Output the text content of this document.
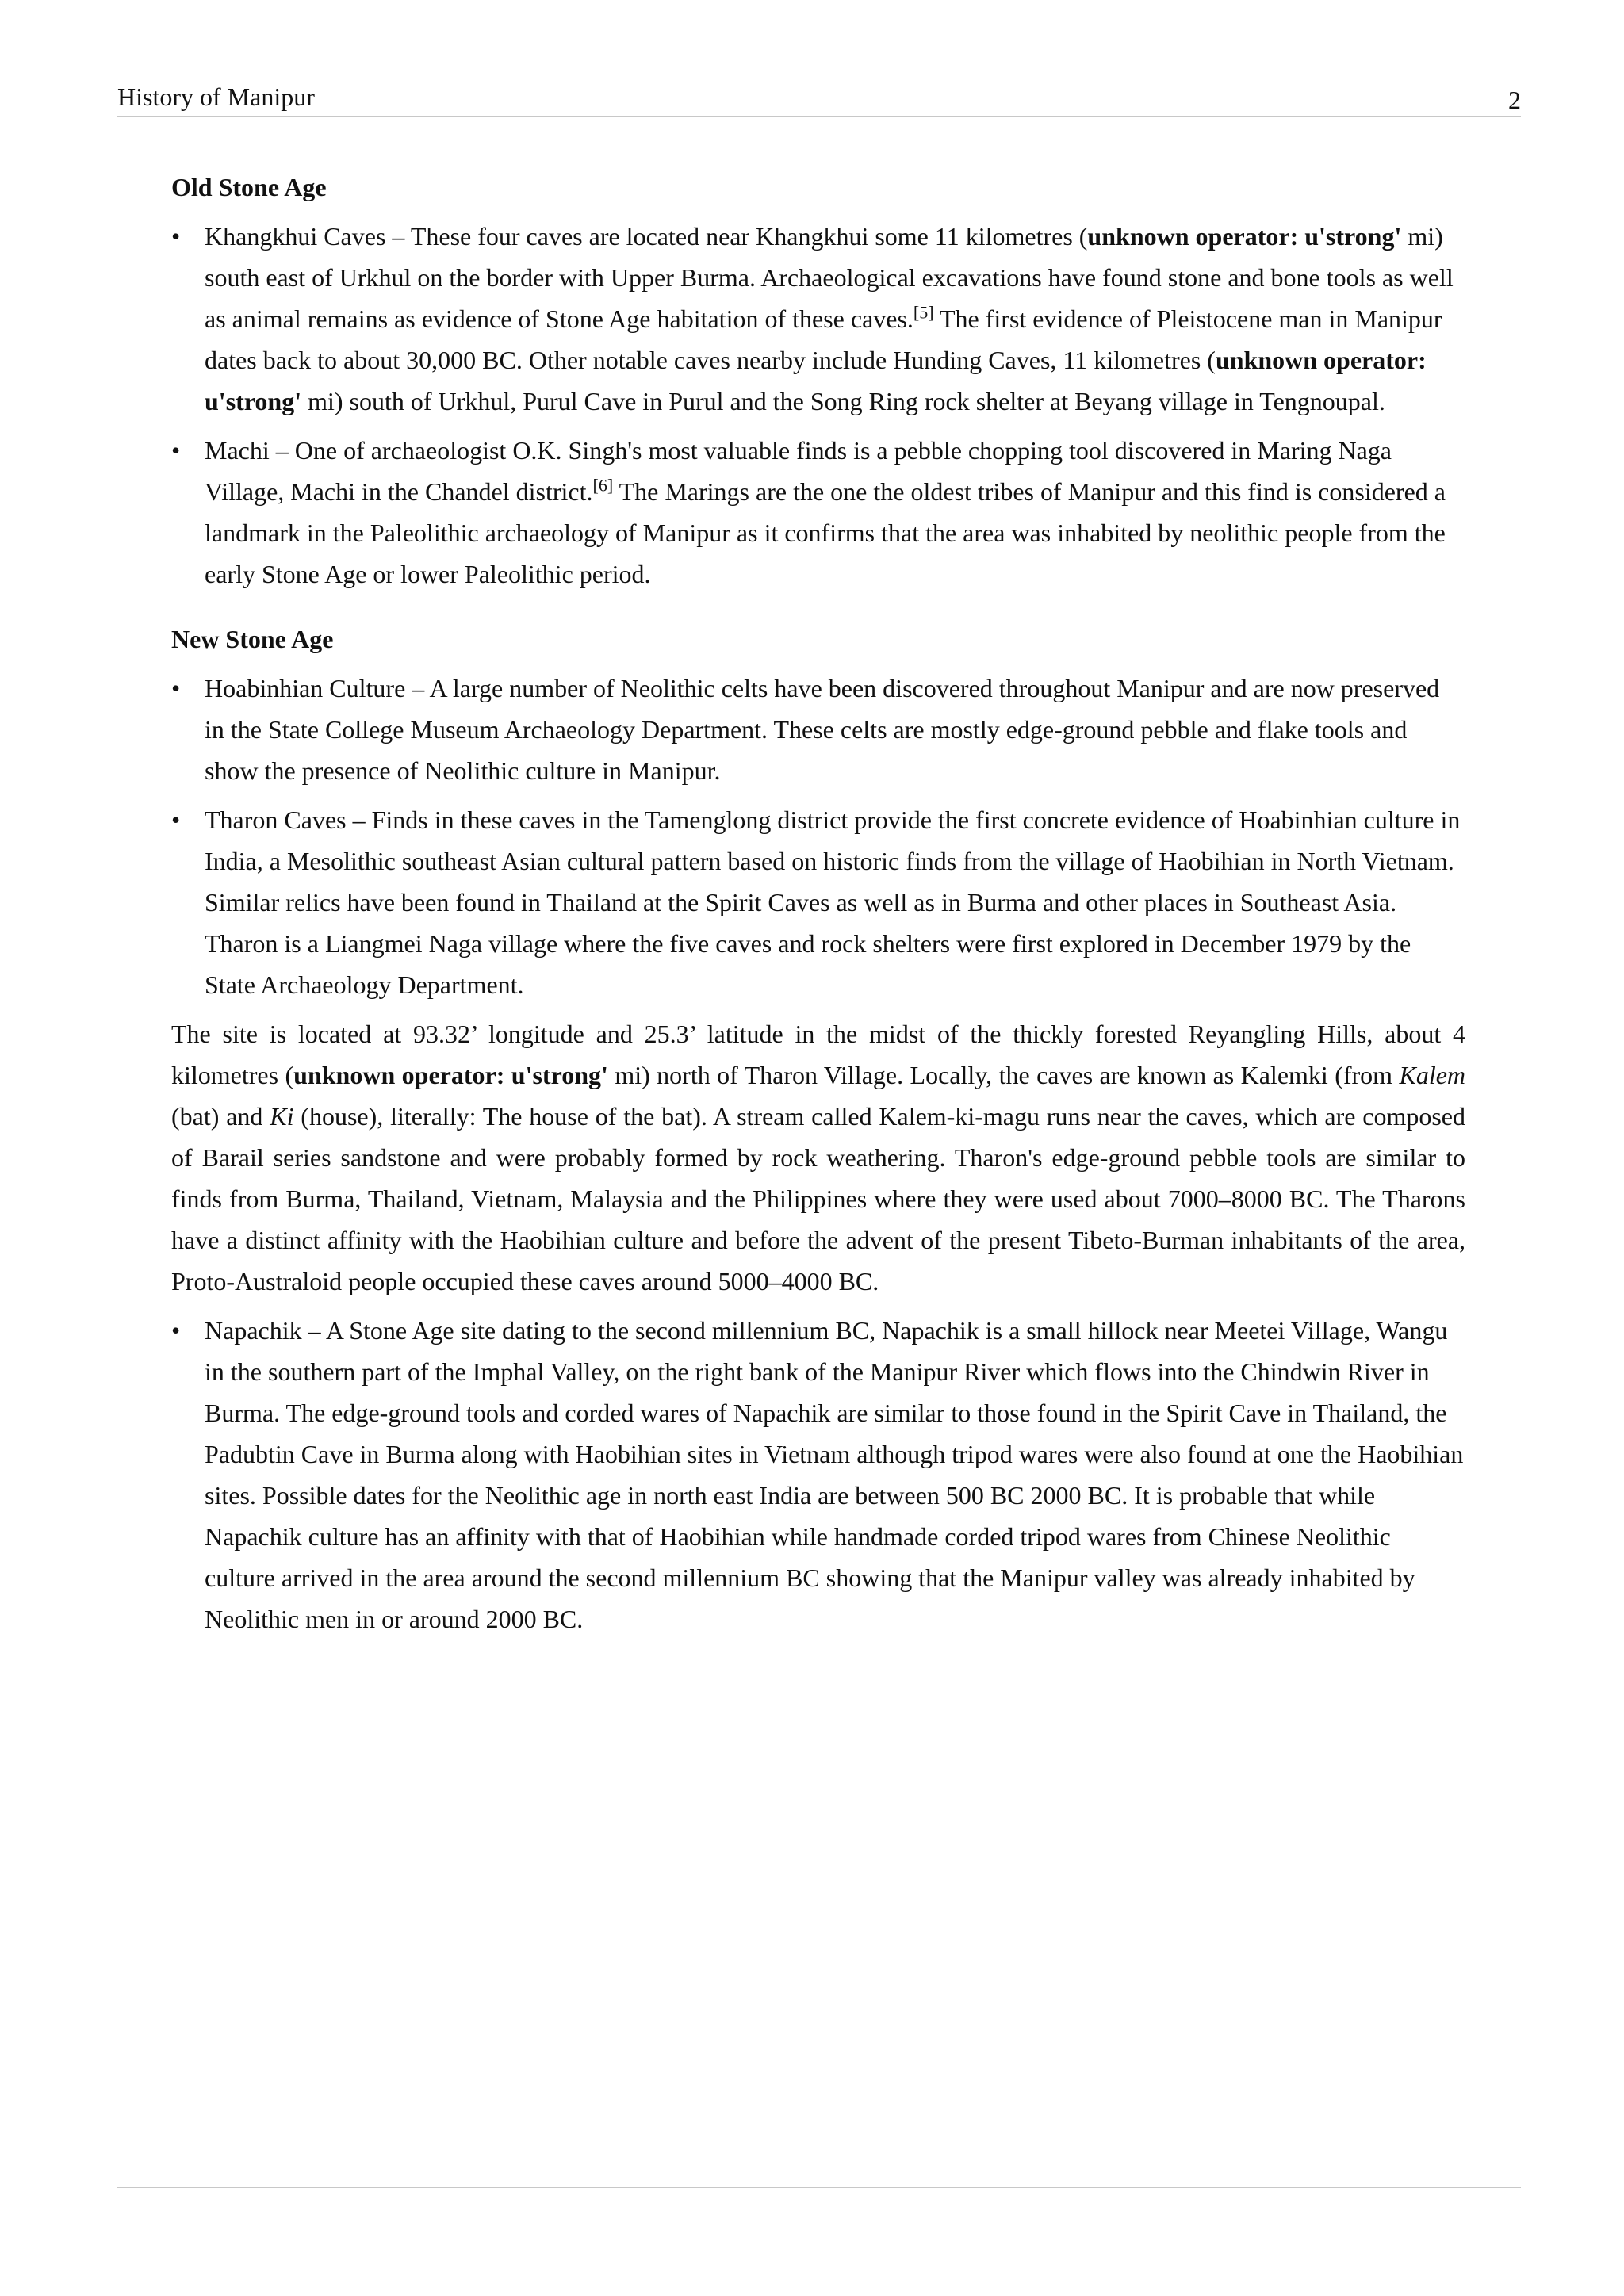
History of Manipur	2
Old Stone Age
• Khangkhui Caves – These four caves are located near Khangkhui some 11 kilometres (unknown operator: u'strong' mi) south east of Urkhul on the border with Upper Burma. Archaeological excavations have found stone and bone tools as well as animal remains as evidence of Stone Age habitation of these caves.[5] The first evidence of Pleistocene man in Manipur dates back to about 30,000 BC. Other notable caves nearby include Hunding Caves, 11 kilometres (unknown operator: u'strong' mi) south of Urkhul, Purul Cave in Purul and the Song Ring rock shelter at Beyang village in Tengnoupal.
• Machi – One of archaeologist O.K. Singh's most valuable finds is a pebble chopping tool discovered in Maring Naga Village, Machi in the Chandel district.[6] The Marings are the one the oldest tribes of Manipur and this find is considered a landmark in the Paleolithic archaeology of Manipur as it confirms that the area was inhabited by neolithic people from the early Stone Age or lower Paleolithic period.
New Stone Age
• Hoabinhian Culture – A large number of Neolithic celts have been discovered throughout Manipur and are now preserved in the State College Museum Archaeology Department. These celts are mostly edge-ground pebble and flake tools and show the presence of Neolithic culture in Manipur.
• Tharon Caves – Finds in these caves in the Tamenglong district provide the first concrete evidence of Hoabinhian culture in India, a Mesolithic southeast Asian cultural pattern based on historic finds from the village of Haobihian in North Vietnam. Similar relics have been found in Thailand at the Spirit Caves as well as in Burma and other places in Southeast Asia. Tharon is a Liangmei Naga village where the five caves and rock shelters were first explored in December 1979 by the State Archaeology Department.

The site is located at 93.32’ longitude and 25.3’ latitude in the midst of the thickly forested Reyangling Hills, about 4 kilometres (unknown operator: u'strong' mi) north of Tharon Village. Locally, the caves are known as Kalemki (from Kalem (bat) and Ki (house), literally: The house of the bat). A stream called Kalem-ki-magu runs near the caves, which are composed of Barail series sandstone and were probably formed by rock weathering. Tharon's edge-ground pebble tools are similar to finds from Burma, Thailand, Vietnam, Malaysia and the Philippines where they were used about 7000–8000 BC. The Tharons have a distinct affinity with the Haobihian culture and before the advent of the present Tibeto-Burman inhabitants of the area, Proto-Australoid people occupied these caves around 5000–4000 BC.

• Napachik – A Stone Age site dating to the second millennium BC, Napachik is a small hillock near Meetei Village, Wangu in the southern part of the Imphal Valley, on the right bank of the Manipur River which flows into the Chindwin River in Burma. The edge-ground tools and corded wares of Napachik are similar to those found in the Spirit Cave in Thailand, the Padubtin Cave in Burma along with Haobihian sites in Vietnam although tripod wares were also found at one the Haobihian sites. Possible dates for the Neolithic age in north east India are between 500 BC 2000 BC. It is probable that while Napachik culture has an affinity with that of Haobihian while handmade corded tripod wares from Chinese Neolithic culture arrived in the area around the second millennium BC showing that the Manipur valley was already inhabited by Neolithic men in or around 2000 BC.
